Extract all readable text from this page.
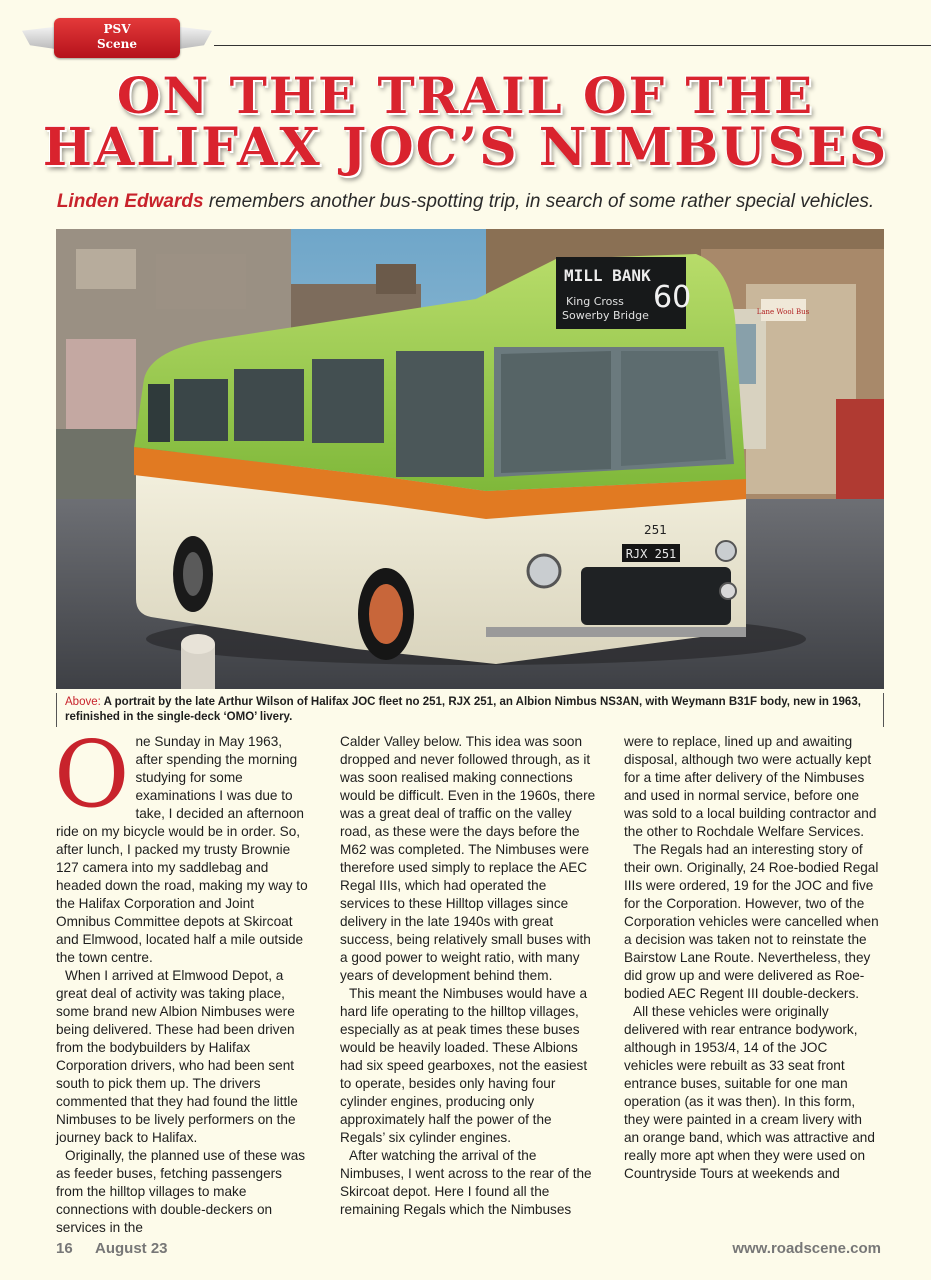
PSV
Scene
ON THE TRAIL OF THE
HALIFAX JOC’S NIMBUSES
Linden Edwards remembers another bus-spotting trip, in search of some rather special vehicles.
Lane Wool Bus
MILL BANK
King Cross
Sowerby Bridge
60
251
RJX 251
Above: A portrait by the late Arthur Wilson of Halifax JOC fleet no 251, RJX 251, an Albion Nimbus NS3AN, with Weymann B31F body, new in 1963, refinished in the single-deck ‘OMO’ livery.
O ne Sunday in May 1963, after spending the morning studying for some examinations I was due to take, I decided an afternoon ride on my bicycle would be in order. So, after lunch, I packed my trusty Brownie 127 camera into my saddlebag and headed down the road, making my way to the Halifax Corporation and Joint Omnibus Committee depots at Skircoat and Elmwood, located half a mile outside the town centre.

When I arrived at Elmwood Depot, a great deal of activity was taking place, some brand new Albion Nimbuses were being delivered. These had been driven from the bodybuilders by Halifax Corporation drivers, who had been sent south to pick them up. The drivers commented that they had found the little Nimbuses to be lively performers on the journey back to Halifax.

Originally, the planned use of these was as feeder buses, fetching passengers from the hilltop villages to make connections with double-deckers on services in the

Calder Valley below. This idea was soon dropped and never followed through, as it was soon realised making connections would be difficult. Even in the 1960s, there was a great deal of traffic on the valley road, as these were the days before the M62 was completed. The Nimbuses were therefore used simply to replace the AEC Regal IIIs, which had operated the services to these Hilltop villages since delivery in the late 1940s with great success, being relatively small buses with a good power to weight ratio, with many years of development behind them.

This meant the Nimbuses would have a hard life operating to the hilltop villages, especially as at peak times these buses would be heavily loaded. These Albions had six speed gearboxes, not the easiest to operate, besides only having four cylinder engines, producing only approximately half the power of the Regals’ six cylinder engines.

After watching the arrival of the Nimbuses, I went across to the rear of the Skircoat depot. Here I found all the remaining Regals which the Nimbuses

were to replace, lined up and awaiting disposal, although two were actually kept for a time after delivery of the Nimbuses and used in normal service, before one was sold to a local building contractor and the other to Rochdale Welfare Services.

The Regals had an interesting story of their own. Originally, 24 Roe-bodied Regal IIIs were ordered, 19 for the JOC and five for the Corporation. However, two of the Corporation vehicles were cancelled when a decision was taken not to reinstate the Bairstow Lane Route. Nevertheless, they did grow up and were delivered as Roe-bodied AEC Regent III double-deckers.

All these vehicles were originally delivered with rear entrance bodywork, although in 1953/4, 14 of the JOC vehicles were rebuilt as 33 seat front entrance buses, suitable for one man operation (as it was then). In this form, they were painted in a cream livery with an orange band, which was attractive and really more apt when they were used on Countryside Tours at weekends and

16 August 23	www.roadscene.com
